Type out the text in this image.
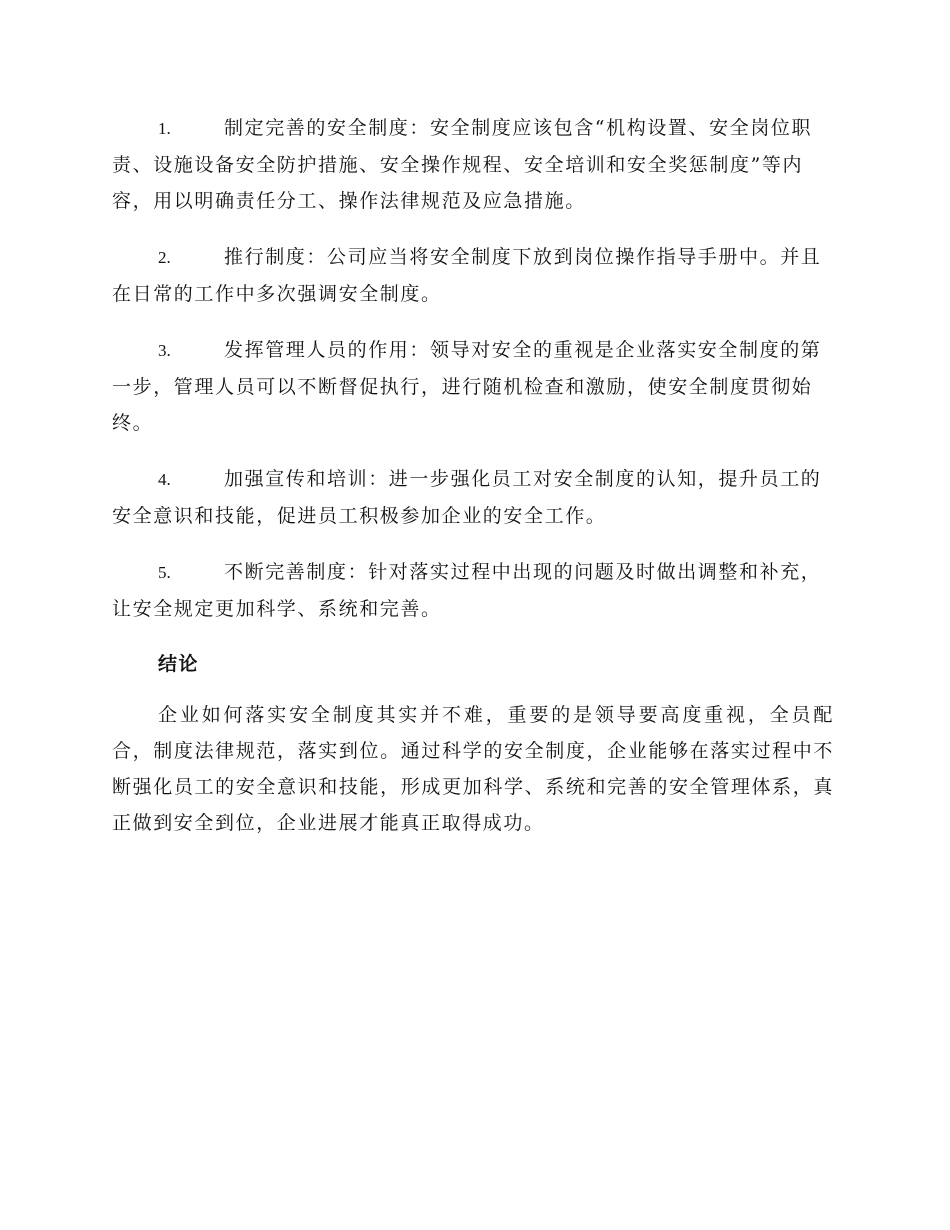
1.	制定完善的安全制度：安全制度应该包含“机构设置、安全岗位职责、设施设备安全防护措施、安全操作规程、安全培训和安全奖惩制度”等内容，用以明确责任分工、操作法律规范及应急措施。

2.	推行制度：公司应当将安全制度下放到岗位操作指导手册中。并且在日常的工作中多次强调安全制度。

3.	发挥管理人员的作用：领导对安全的重视是企业落实安全制度的第一步，管理人员可以不断督促执行，进行随机检查和激励，使安全制度贯彻始终。

4.	加强宣传和培训：进一步强化员工对安全制度的认知，提升员工的安全意识和技能，促进员工积极参加企业的安全工作。

5.	不断完善制度：针对落实过程中出现的问题及时做出调整和补充，让安全规定更加科学、系统和完善。

结论

企业如何落实安全制度其实并不难，重要的是领导要高度重视，全员配合，制度法律规范，落实到位。通过科学的安全制度，企业能够在落实过程中不断强化员工的安全意识和技能，形成更加科学、系统和完善的安全管理体系，真正做到安全到位，企业进展才能真正取得成功。
